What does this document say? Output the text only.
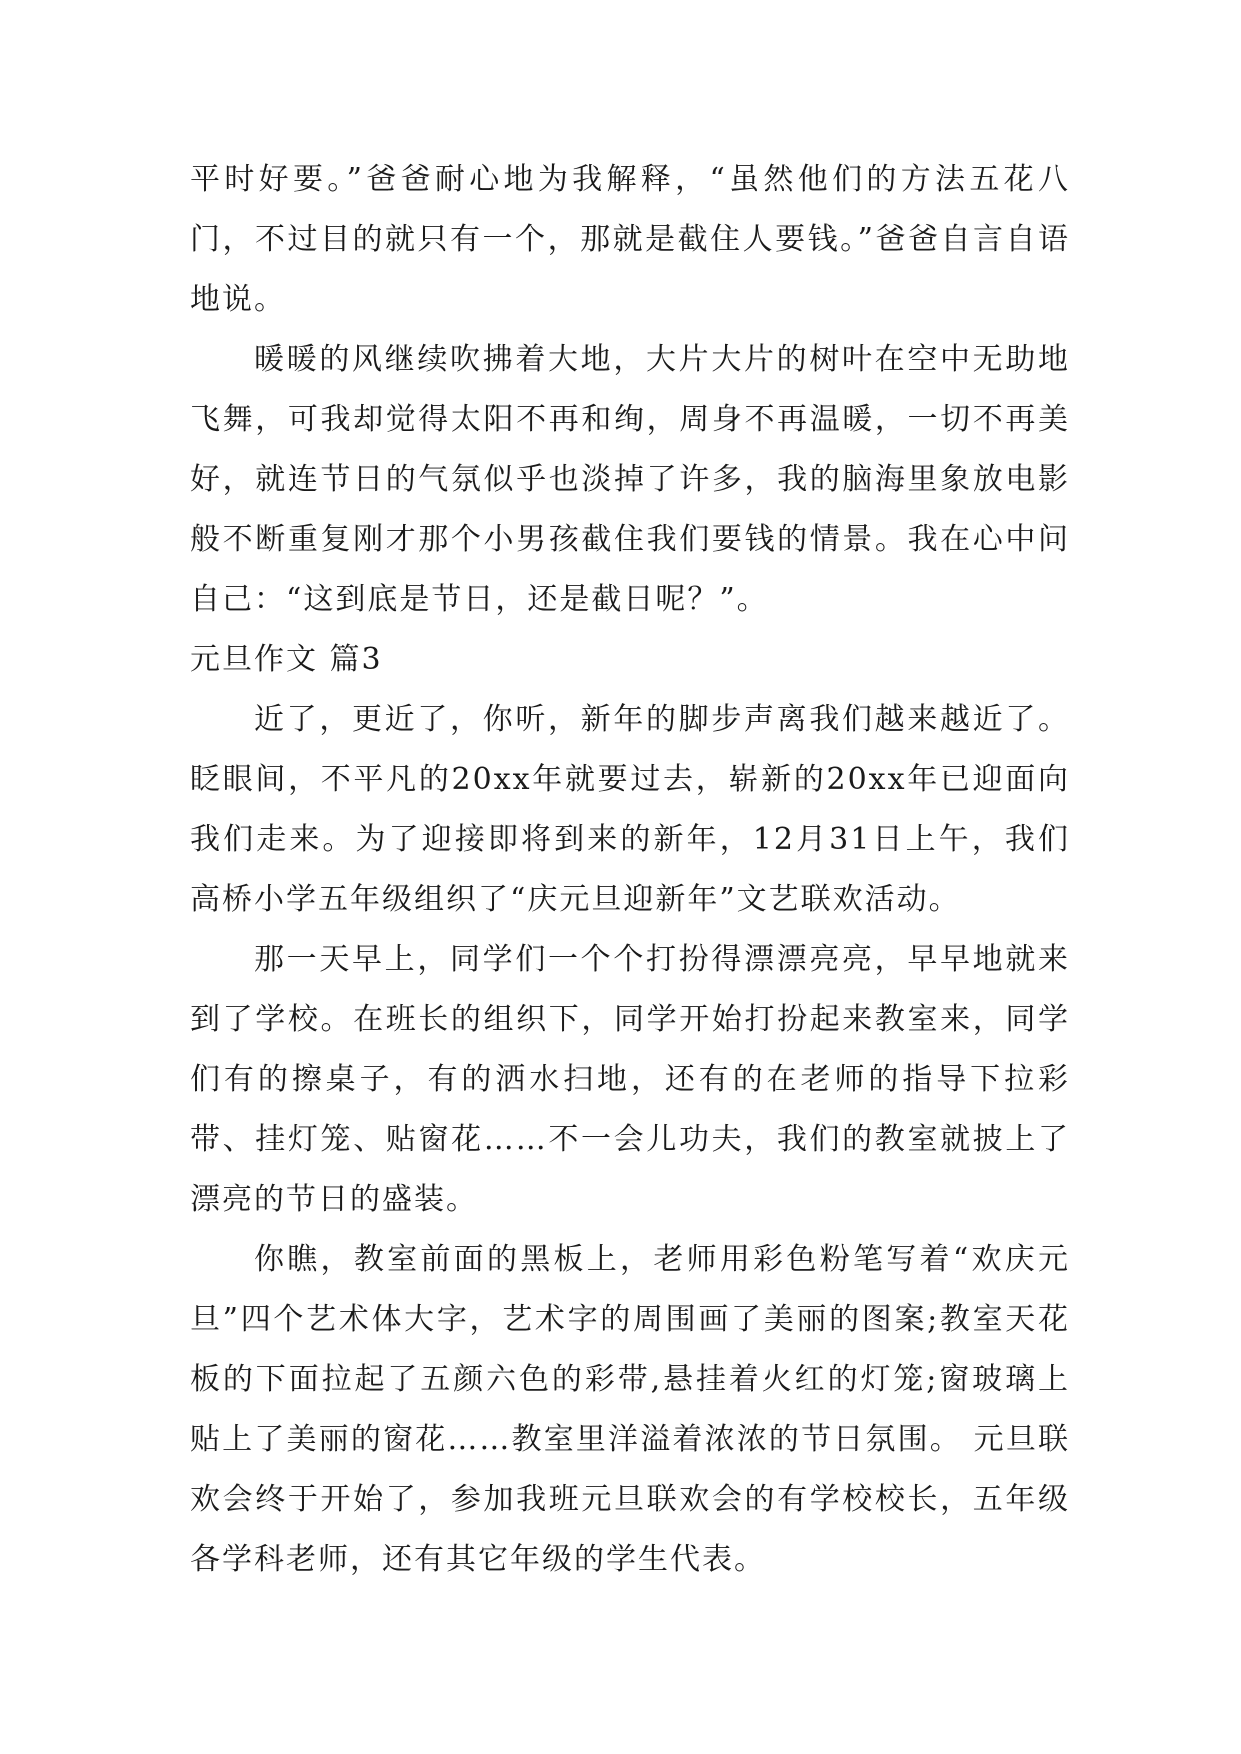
平时好要。”爸爸耐心地为我解释，“虽然他们的方法五花八门，不过目的就只有一个，那就是截住人要钱。”爸爸自言自语地说。

暖暖的风继续吹拂着大地，大片大片的树叶在空中无助地飞舞，可我却觉得太阳不再和绚，周身不再温暖，一切不再美好，就连节日的气氛似乎也淡掉了许多，我的脑海里象放电影般不断重复刚才那个小男孩截住我们要钱的情景。我在心中问自己：“这到底是节日，还是截日呢？”。

元旦作文 篇3

近了，更近了，你听，新年的脚步声离我们越来越近了。眨眼间，不平凡的20xx年就要过去，崭新的20xx年已迎面向我们走来。为了迎接即将到来的新年，12月31日上午，我们高桥小学五年级组织了“庆元旦迎新年”文艺联欢活动。

那一天早上，同学们一个个打扮得漂漂亮亮，早早地就来到了学校。在班长的组织下，同学开始打扮起来教室来，同学们有的擦桌子，有的洒水扫地，还有的在老师的指导下拉彩带、挂灯笼、贴窗花……不一会儿功夫，我们的教室就披上了漂亮的节日的盛装。

你瞧，教室前面的黑板上，老师用彩色粉笔写着“欢庆元旦”四个艺术体大字，艺术字的周围画了美丽的图案;教室天花板的下面拉起了五颜六色的彩带,悬挂着火红的灯笼;窗玻璃上贴上了美丽的窗花……教室里洋溢着浓浓的节日氛围。 元旦联欢会终于开始了，参加我班元旦联欢会的有学校校长，五年级各学科老师，还有其它年级的学生代表。
